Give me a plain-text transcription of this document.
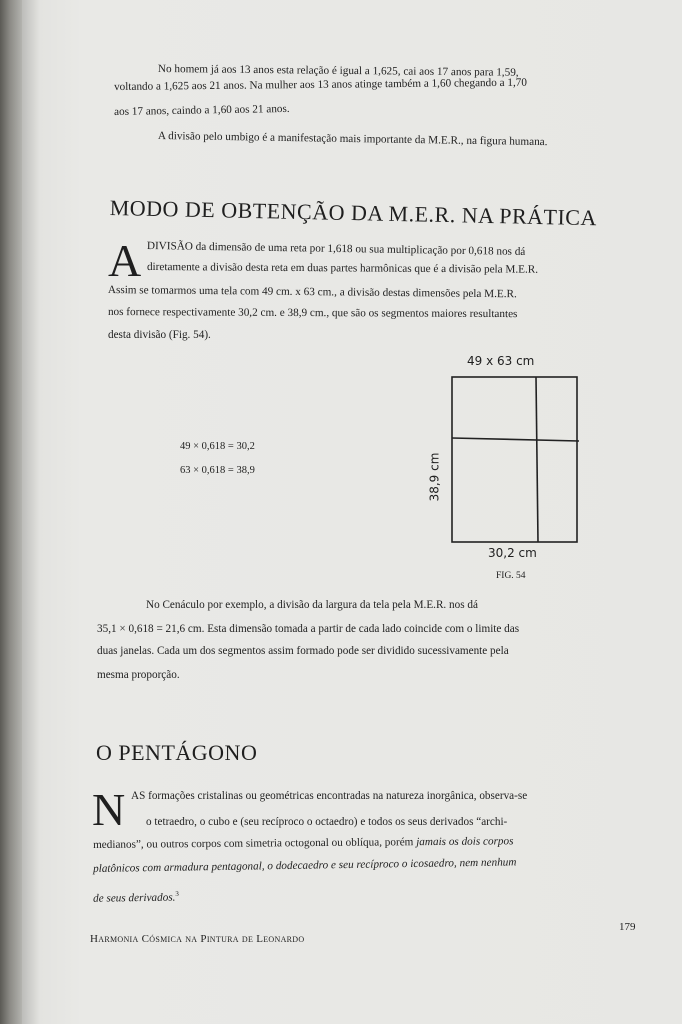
No homem já aos 13 anos esta relação é igual a 1,625, cai aos 17 anos para 1,59,
voltando a 1,625 aos 21 anos. Na mulher aos 13 anos atinge também a 1,60 chegando a 1,70
aos 17 anos, caindo a 1,60 aos 21 anos.
A divisão pelo umbigo é a manifestação mais importante da M.E.R., na figura humana.
MODO DE OBTENÇÃO DA M.E.R. NA PRÁTICA
A DIVISÃO da dimensão de uma reta por 1,618 ou sua multiplicação por 0,618 nos dá
diretamente a divisão desta reta em duas partes harmônicas que é a divisão pela M.E.R.
Assim se tomarmos uma tela com 49 cm. x 63 cm., a divisão destas dimensões pela M.E.R.
nos fornece respectivamente 30,2 cm. e 38,9 cm., que são os segmentos maiores resultantes
desta divisão (Fig. 54).
49 × 0,618 = 30,2
63 × 0,618 = 38,9
49 x 63 cm
38,9 cm
30,2 cm
FIG. 54
No Cenáculo por exemplo, a divisão da largura da tela pela M.E.R. nos dá
35,1 × 0,618 = 21,6 cm. Esta dimensão tomada a partir de cada lado coincide com o limite das
duas janelas. Cada um dos segmentos assim formado pode ser dividido sucessivamente pela
mesma proporção.
O PENTÁGONO
N AS formações cristalinas ou geométricas encontradas na natureza inorgânica, observa-se
o tetraedro, o cubo e (seu recíproco o octaedro) e todos os seus derivados “archi-
medianos”, ou outros corpos com simetria octogonal ou oblíqua, porém jamais os dois corpos
platônicos com armadura pentagonal, o dodecaedro e seu recíproco o icosaedro, nem nenhum
de seus derivados.$^3$
Harmonia Cósmica na Pintura de Leonardo
179
